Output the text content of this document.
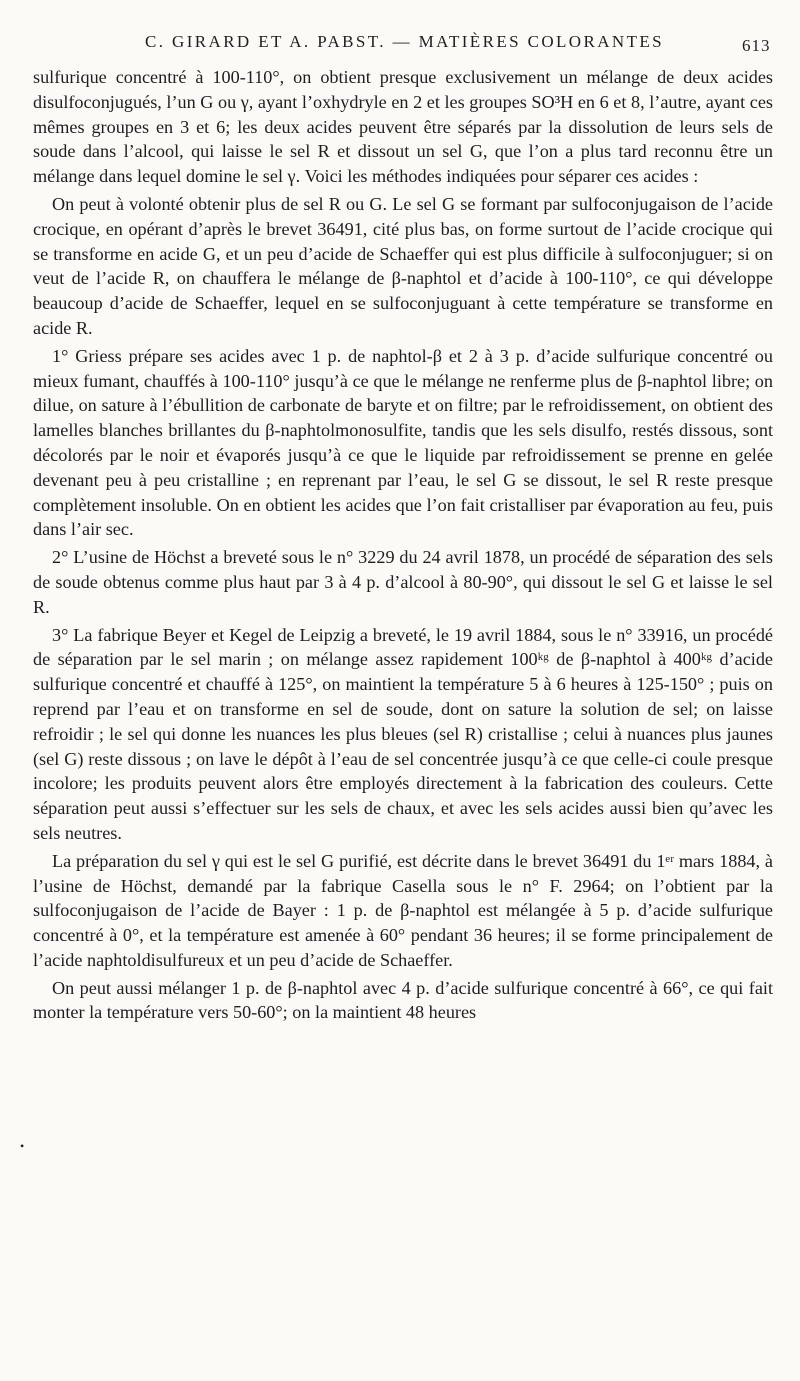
C. GIRARD ET A. PABST. — MATIÈRES COLORANTES	613
•

sulfurique concentré à 100-110°, on obtient presque exclusivement un mélange de deux acides disulfoconjugués, l’un G ou γ, ayant l’oxhydryle en 2 et les groupes SO³H en 6 et 8, l’autre, ayant ces mêmes groupes en 3 et 6; les deux acides peuvent être séparés par la dissolution de leurs sels de soude dans l’alcool, qui laisse le sel R et dissout un sel G, que l’on a plus tard reconnu être un mélange dans lequel domine le sel γ. Voici les méthodes indiquées pour séparer ces acides :

On peut à volonté obtenir plus de sel R ou G. Le sel G se formant par sulfoconjugaison de l’acide crocique, en opérant d’après le brevet 36491, cité plus bas, on forme surtout de l’acide crocique qui se transforme en acide G, et un peu d’acide de Schaeffer qui est plus difficile à sulfoconjuguer; si on veut de l’acide R, on chauffera le mélange de β-naphtol et d’acide à 100-110°, ce qui développe beaucoup d’acide de Schaeffer, lequel en se sulfoconjuguant à cette température se transforme en acide R.

1° Griess prépare ses acides avec 1 p. de naphtol-β et 2 à 3 p. d’acide sulfurique concentré ou mieux fumant, chauffés à 100-110° jusqu’à ce que le mélange ne renferme plus de β-naphtol libre; on dilue, on sature à l’ébullition de carbonate de baryte et on filtre; par le refroidissement, on obtient des lamelles blanches brillantes du β-naphtolmonosulfite, tandis que les sels disulfo, restés dissous, sont décolorés par le noir et évaporés jusqu’à ce que le liquide par refroidissement se prenne en gelée devenant peu à peu cristalline ; en reprenant par l’eau, le sel G se dissout, le sel R reste presque complètement insoluble. On en obtient les acides que l’on fait cristalliser par évaporation au feu, puis dans l’air sec.

2° L’usine de Höchst a breveté sous le n° 3229 du 24 avril 1878, un procédé de séparation des sels de soude obtenus comme plus haut par 3 à 4 p. d’alcool à 80-90°, qui dissout le sel G et laisse le sel R.

3° La fabrique Beyer et Kegel de Leipzig a breveté, le 19 avril 1884, sous le n° 33916, un procédé de séparation par le sel marin ; on mélange assez rapidement 100ᵏᵍ de β-naphtol à 400ᵏᵍ d’acide sulfurique concentré et chauffé à 125°, on maintient la température 5 à 6 heures à 125-150° ; puis on reprend par l’eau et on transforme en sel de soude, dont on sature la solution de sel; on laisse refroidir ; le sel qui donne les nuances les plus bleues (sel R) cristallise ; celui à nuances plus jaunes (sel G) reste dissous ; on lave le dépôt à l’eau de sel concentrée jusqu’à ce que celle-ci coule presque incolore; les produits peuvent alors être employés directement à la fabrication des couleurs. Cette séparation peut aussi s’effectuer sur les sels de chaux, et avec les sels acides aussi bien qu’avec les sels neutres.

La préparation du sel γ qui est le sel G purifié, est décrite dans le brevet 36491 du 1ᵉʳ mars 1884, à l’usine de Höchst, demandé par la fabrique Casella sous le n° F. 2964; on l’obtient par la sulfoconjugaison de l’acide de Bayer : 1 p. de β-naphtol est mélangée à 5 p. d’acide sulfurique concentré à 0°, et la température est amenée à 60° pendant 36 heures; il se forme principalement de l’acide naphtoldisulfureux et un peu d’acide de Schaeffer.

On peut aussi mélanger 1 p. de β-naphtol avec 4 p. d’acide sulfurique concentré à 66°, ce qui fait monter la température vers 50-60°; on la maintient 48 heures
